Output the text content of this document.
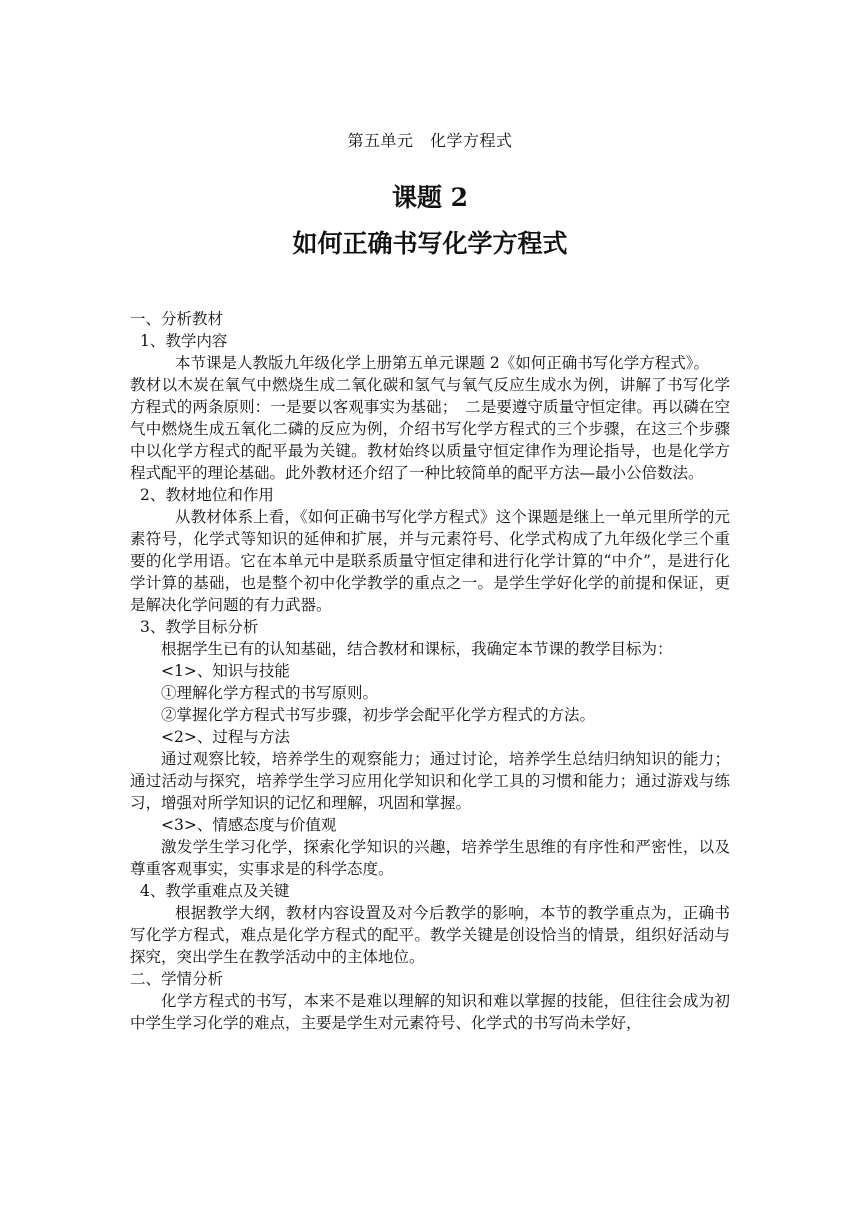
第五单元　化学方程式
课题 2
如何正确书写化学方程式

一、分析教材

1、教学内容

本节课是人教版九年级化学上册第五单元课题 2《如何正确书写化学方程式》。

教材以木炭在氧气中燃烧生成二氧化碳和氢气与氧气反应生成水为例，讲解了书写化学方程式的两条原则：一是要以客观事实为基础；　二是要遵守质量守恒定律。再以磷在空气中燃烧生成五氧化二磷的反应为例，介绍书写化学方程式的三个步骤，在这三个步骤中以化学方程式的配平最为关键。教材始终以质量守恒定律作为理论指导，也是化学方程式配平的理论基础。此外教材还介绍了一种比较简单的配平方法—最小公倍数法。

2、教材地位和作用

从教材体系上看，《如何正确书写化学方程式》这个课题是继上一单元里所学的元素符号，化学式等知识的延伸和扩展，并与元素符号、化学式构成了九年级化学三个重要的化学用语。它在本单元中是联系质量守恒定律和进行化学计算的“中介”，是进行化学计算的基础，也是整个初中化学教学的重点之一。是学生学好化学的前提和保证，更是解决化学问题的有力武器。

3、教学目标分析

根据学生已有的认知基础，结合教材和课标，我确定本节课的教学目标为：

<1>、知识与技能

①理解化学方程式的书写原则。

②掌握化学方程式书写步骤，初步学会配平化学方程式的方法。

<2>、过程与方法

通过观察比较，培养学生的观察能力；通过讨论，培养学生总结归纳知识的能力；通过活动与探究，培养学生学习应用化学知识和化学工具的习惯和能力；通过游戏与练习，增强对所学知识的记忆和理解，巩固和掌握。

<3>、情感态度与价值观

激发学生学习化学，探索化学知识的兴趣，培养学生思维的有序性和严密性，以及尊重客观事实，实事求是的科学态度。

4、教学重难点及关键

根据教学大纲，教材内容设置及对今后教学的影响，本节的教学重点为，正确书写化学方程式，难点是化学方程式的配平。教学关键是创设恰当的情景，组织好活动与探究，突出学生在教学活动中的主体地位。

二、学情分析

化学方程式的书写，本来不是难以理解的知识和难以掌握的技能，但往往会成为初中学生学习化学的难点，主要是学生对元素符号、化学式的书写尚未学好，
